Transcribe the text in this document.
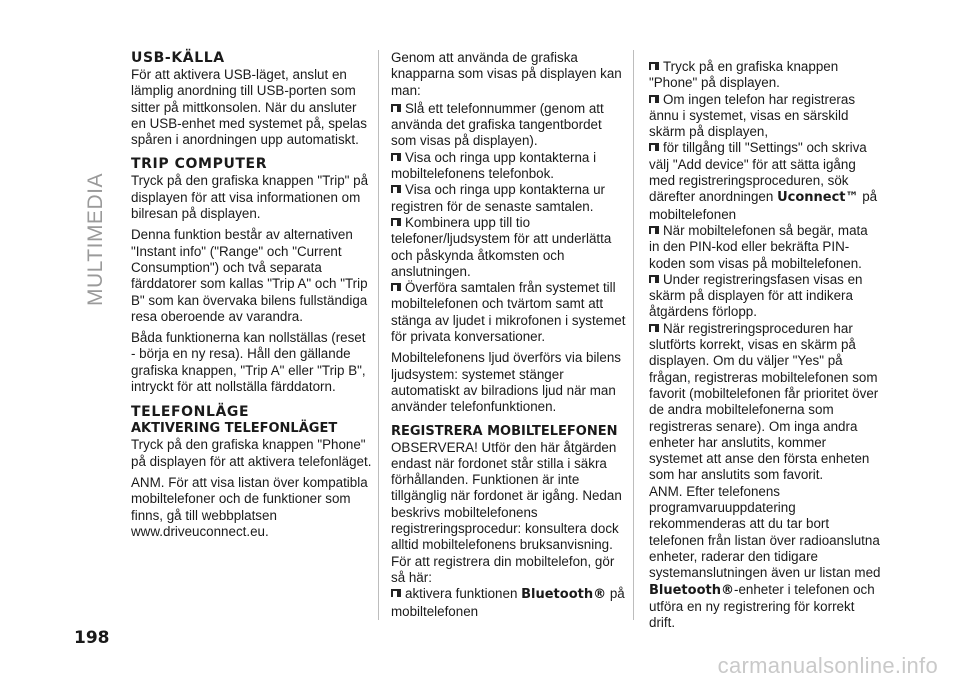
MULTIMEDIA
198
USB-KÄLLA

För att aktivera USB-läget, anslut en lämplig anordning till USB-porten som sitter på mittkonsolen. När du ansluter en USB-enhet med systemet på, spelas spåren i anordningen upp automatiskt.

TRIP COMPUTER

Tryck på den grafiska knappen "Trip" på displayen för att visa informationen om bilresan på displayen.

Denna funktion består av alternativen "Instant info" ("Range" och "Current Consumption") och två separata färddatorer som kallas "Trip A" och "Trip B" som kan övervaka bilens fullständiga resa oberoende av varandra.

Båda funktionerna kan nollställas (reset - börja en ny resa). Håll den gällande grafiska knappen, "Trip A" eller "Trip B", intryckt för att nollställa färddatorn.

TELEFONLÄGE
AKTIVERING TELEFONLÄGET

Tryck på den grafiska knappen "Phone" på displayen för att aktivera telefonläget.

ANM. För att visa listan över kompatibla mobiltelefoner och de funktioner som finns, gå till webbplatsen www.driveuconnect.eu.

Genom att använda de grafiska knapparna som visas på displayen kan man:

Slå ett telefonnummer (genom att använda det grafiska tangentbordet som visas på displayen).
Visa och ringa upp kontakterna i mobiltelefonens telefonbok.
Visa och ringa upp kontakterna ur registren för de senaste samtalen.
Kombinera upp till tio telefoner/ljudsystem för att underlätta och påskynda åtkomsten och anslutningen.
Överföra samtalen från systemet till mobiltelefonen och tvärtom samt att stänga av ljudet i mikrofonen i systemet för privata konversationer.

Mobiltelefonens ljud överförs via bilens ljudsystem: systemet stänger automatiskt av bilradions ljud när man använder telefonfunktionen.

REGISTRERA MOBILTELEFONEN

OBSERVERA! Utför den här åtgärden endast när fordonet står stilla i säkra förhållanden. Funktionen är inte tillgänglig när fordonet är igång. Nedan beskrivs mobiltelefonens registreringsprocedur: konsultera dock alltid mobiltelefonens bruksanvisning. För att registrera din mobiltelefon, gör så här:

aktivera funktionen Bluetooth® på mobiltelefonen
Tryck på en grafiska knappen "Phone" på displayen.
Om ingen telefon har registreras ännu i systemet, visas en särskild skärm på displayen,
för tillgång till "Settings" och skriva välj "Add device" för att sätta igång med registreringsproceduren, sök därefter anordningen Uconnect™ på mobiltelefonen
När mobiltelefonen så begär, mata in den PIN-kod eller bekräfta PIN-koden som visas på mobiltelefonen.
Under registreringsfasen visas en skärm på displayen för att indikera åtgärdens förlopp.
När registreringsproceduren har slutförts korrekt, visas en skärm på displayen. Om du väljer "Yes" på frågan, registreras mobiltelefonen som favorit (mobiltelefonen får prioritet över de andra mobiltelefonerna som registreras senare). Om inga andra enheter har anslutits, kommer systemet att anse den första enheten som har anslutits som favorit.

ANM. Efter telefonens programvaruuppdatering rekommenderas att du tar bort telefonen från listan över radioanslutna enheter, raderar den tidigare systemanslutningen även ur listan med Bluetooth®-enheter i telefonen och utföra en ny registrering för korrekt drift.

carmanualsonline.info
